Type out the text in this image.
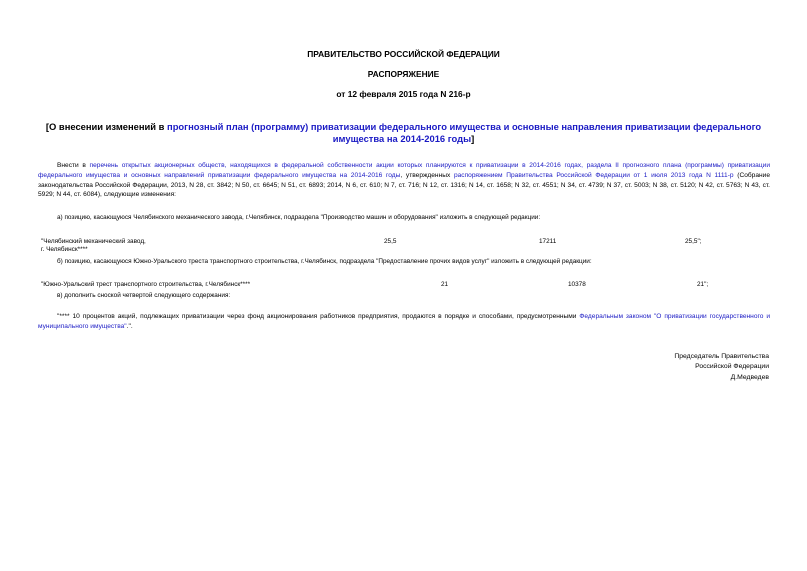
ПРАВИТЕЛЬСТВО РОССИЙСКОЙ ФЕДЕРАЦИИ
РАСПОРЯЖЕНИЕ
от 12 февраля 2015 года N 216-р
[О внесении изменений в прогнозный план (программу) приватизации федерального имущества и основные направления приватизации федерального имущества на 2014-2016 годы]
Внести в перечень открытых акционерных обществ, находящихся в федеральной собственности акции которых планируются к приватизации в 2014-2016 годах, раздела II прогнозного плана (программы) приватизации федерального имущества и основных направлений приватизации федерального имущества на 2014-2016 годы, утвержденных распоряжением Правительства Российской Федерации от 1 июля 2013 года N 1111-р (Собрание законодательства Российской Федерации, 2013, N 28, ст. 3842; N 50, ст. 6645; N 51, ст. 6893; 2014, N 6, ст. 610; N 7, ст. 716; N 12, ст. 1316; N 14, ст. 1658; N 32, ст. 4551; N 34, ст. 4739; N 37, ст. 5003; N 38, ст. 5120; N 42, ст. 5763; N 43, ст. 5929; N 44, ст. 6084), следующие изменения:
а) позицию, касающуюся Челябинского механического завода, г.Челябинск, подраздела "Производство машин и оборудования" изложить в следующей редакции:
"Челябинский механический завод,
г. Челябинск****
25,5	17211	25,5";
б) позицию, касающуюся Южно-Уральского треста транспортного строительства, г.Челябинск, подраздела "Предоставление прочих видов услуг" изложить в следующей редакции:
"Южно-Уральский трест транспортного строительства, г.Челябинск****	21	10378	21";
в) дополнить сноской четвертой следующего содержания:
"**** 10 процентов акций, подлежащих приватизации через фонд акционирования работников предприятия, продаются в порядке и способами, предусмотренными Федеральным законом "О приватизации государственного и муниципального имущества".".
Председатель Правительства
Российской Федерации
Д.Медведев
